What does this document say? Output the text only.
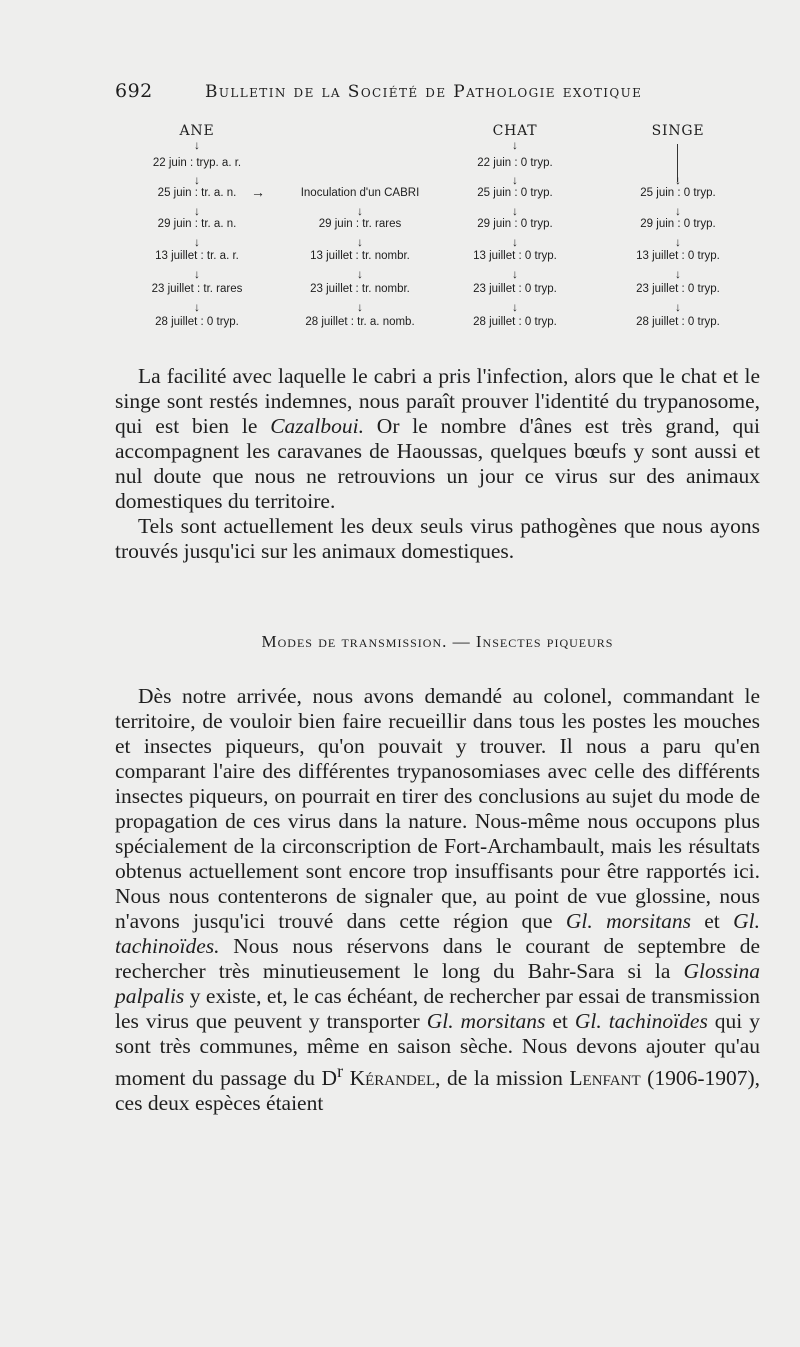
692	Bulletin de la Société de Pathologie exotique
ANE
↓
22 juin : tryp. a. r.
↓
25 juin : tr. a. n.
↓
29 juin : tr. a. n.
↓
13 juillet : tr. a. r.
↓
23 juillet : tr. rares
↓
28 juillet : 0 tryp.
→	Inoculation d'un CABRI
↓
29 juin : tr. rares
↓
13 juillet : tr. nombr.
↓
23 juillet : tr. nombr.
↓
28 juillet : tr. a. nomb.
CHAT
↓
22 juin : 0 tryp.
↓
25 juin : 0 tryp.
↓
29 juin : 0 tryp.
↓
13 juillet : 0 tryp.
↓
23 juillet : 0 tryp.
↓
28 juillet : 0 tryp.
SINGE
↓
25 juin : 0 tryp.
↓
29 juin : 0 tryp.
↓
13 juillet : 0 tryp.
↓
23 juillet : 0 tryp.
↓
28 juillet : 0 tryp.

La facilité avec laquelle le cabri a pris l'infection, alors que le chat et le singe sont restés indemnes, nous paraît prouver l'identité du trypanosome, qui est bien le Cazalboui. Or le nombre d'ânes est très grand, qui accompagnent les caravanes de Haoussas, quelques bœufs y sont aussi et nul doute que nous ne retrouvions un jour ce virus sur des animaux domestiques du territoire.

Tels sont actuellement les deux seuls virus pathogènes que nous ayons trouvés jusqu'ici sur les animaux domestiques.

Modes de transmission. — Insectes piqueurs

Dès notre arrivée, nous avons demandé au colonel, commandant le territoire, de vouloir bien faire recueillir dans tous les postes les mouches et insectes piqueurs, qu'on pouvait y trouver. Il nous a paru qu'en comparant l'aire des différentes trypanosomiases avec celle des différents insectes piqueurs, on pourrait en tirer des conclusions au sujet du mode de propagation de ces virus dans la nature. Nous-même nous occupons plus spécialement de la circonscription de Fort-Archambault, mais les résultats obtenus actuellement sont encore trop insuffisants pour être rapportés ici. Nous nous contenterons de signaler que, au point de vue glossine, nous n'avons jusqu'ici trouvé dans cette région que Gl. morsitans et Gl. tachinoïdes. Nous nous réservons dans le courant de septembre de rechercher très minutieusement le long du Bahr-Sara si la Glossina palpalis y existe, et, le cas échéant, de rechercher par essai de transmission les virus que peuvent y transporter Gl. morsitans et Gl. tachinoïdes qui y sont très communes, même en saison sèche. Nous devons ajouter qu'au moment du passage du $D^r$ Kérandel, de la mission Lenfant (1906-1907), ces deux espèces étaient
